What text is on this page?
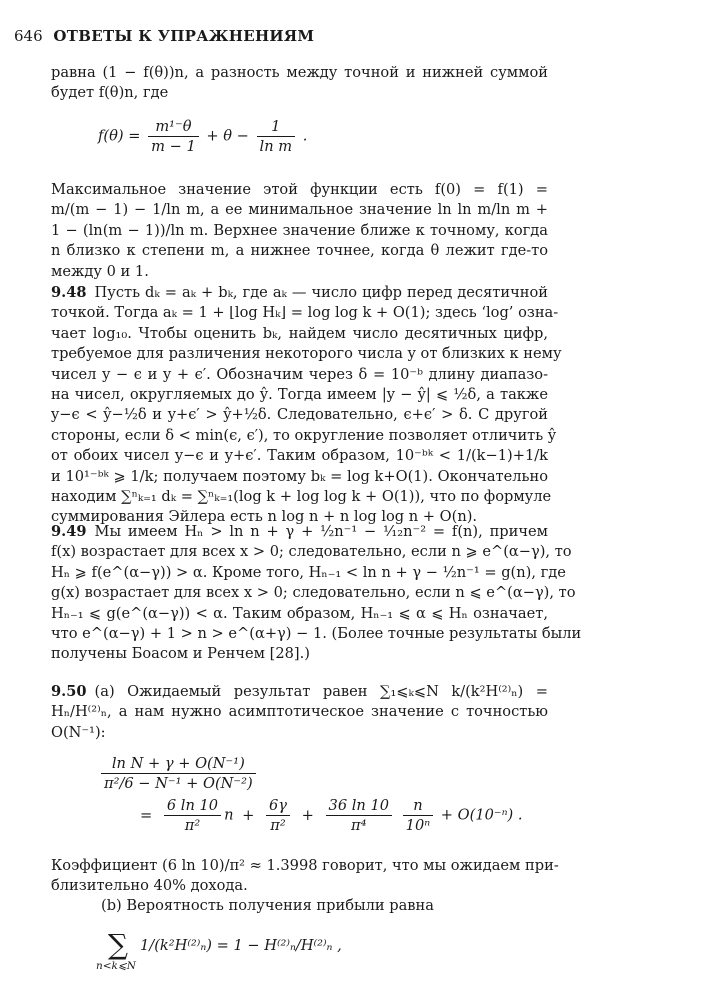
646 ОТВЕТЫ К УПРАЖНЕНИЯМ
равна (1 − f(θ))n, а разность между точной и нижней суммой
будет f(θ)n, где
$f(\theta) = \frac{\text{m¹⁻θ}}{m - 1} + \theta - \frac{1}{\text{ln m}}$ .
Максимальное значение этой функции есть f(0) = f(1) =
m/(m − 1) − 1/ln m, а ее минимальное значение ln ln m/ln m +
1 − (ln(m − 1))/ln m. Верхнее значение ближе к точному, когда
n близко к степени m, а нижнее точнее, когда θ лежит где-то
между 0 и 1.
9.48 Пусть dₖ = aₖ + bₖ, где aₖ — число цифр перед десятичной
точкой. Тогда aₖ = 1 + ⌊log Hₖ⌋ = log log k + O(1); здесь ‘log’ озна-
чает log₁₀. Чтобы оценить bₖ, найдем число десятичных цифр,
требуемое для различения некоторого числа y от близких к нему
чисел y − ϵ и y + ϵ′. Обозначим через δ = 10⁻ᵇ длину диапазо-
на чисел, округляемых до ŷ. Тогда имеем |y − ŷ| ⩽ ½δ, а также
y−ϵ < ŷ−½δ и y+ϵ′ > ŷ+½δ. Следовательно, ϵ+ϵ′ > δ. С другой
стороны, если δ < min(ϵ, ϵ′), то округление позволяет отличить ŷ
от обоих чисел y−ϵ и y+ϵ′. Таким образом, 10⁻ᵇᵏ < 1/(k−1)+1/k
и 10¹⁻ᵇᵏ ⩾ 1/k; получаем поэтому bₖ = log k+O(1). Окончательно
находим ∑ⁿₖ₌₁ dₖ = ∑ⁿₖ₌₁(log k + log log k + O(1)), что по формуле
суммирования Эйлера есть n log n + n log log n + O(n).
9.49 Мы имеем Hₙ > ln n + γ + ½n⁻¹ − ¹⁄₁₂n⁻² = f(n), причем
f(x) возрастает для всех x > 0; следовательно, если n ⩾ e^(α−γ), то
Hₙ ⩾ f(e^(α−γ)) > α. Кроме того, Hₙ₋₁ < ln n + γ − ½n⁻¹ = g(n), где
g(x) возрастает для всех x > 0; следовательно, если n ⩽ e^(α−γ), то
Hₙ₋₁ ⩽ g(e^(α−γ)) < α. Таким образом, Hₙ₋₁ ⩽ α ⩽ Hₙ означает,
что e^(α−γ) + 1 > n > e^(α+γ) − 1. (Более точные результаты были
получены Боасом и Ренчем [28].)
9.50 (a) Ожидаемый результат равен ∑₁⩽ₖ⩽N k/(k²H⁽²⁾ₙ) =
Hₙ/H⁽²⁾ₙ, а нам нужно асимптотическое значение с точностью
O(N⁻¹):
$\frac{\text{ln N + γ + O(N⁻¹)}}{\text{π²/6 − N⁻¹ + O(N⁻²)}}$
= $\frac{6 \ln 10}{\text{π²}}$ $n + \frac{6\gamma}{\text{π²}} + \frac{36 \ln 10}{\text{π⁴}}$
$\frac{n}{\text{10ⁿ}} + O(10^{-n})$ .
Коэффициент (6 ln 10)/π² ≈ 1.3998 говорит, что мы ожидаем при-
близительно 40% дохода.
(b) Вероятность получения прибыли равна
∑
n<k⩽N
1/(k²H⁽²⁾ₙ) = 1 − H⁽²⁾ₙ/H⁽²⁾ₙ ,
